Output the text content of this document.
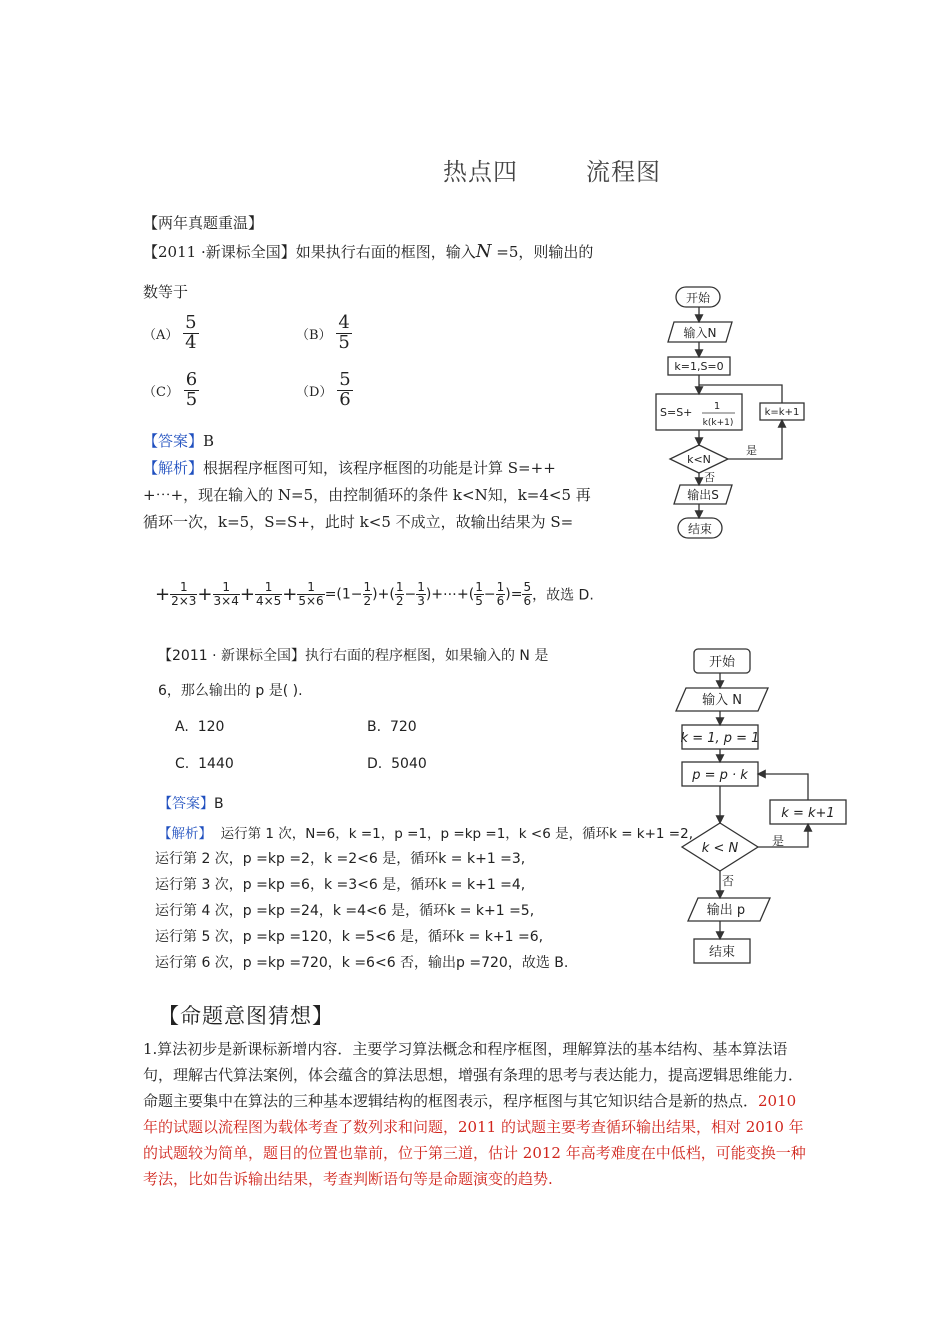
热点四	流程图
【两年真题重温】
【2011 ·新课标全国】如果执行右面的框图，输入N =5，则输出的
数等于
$(A) \frac{5}{4}$	$(B) \frac{4}{5}$
$(C) \frac{6}{5}$	$(D) \frac{5}{6}$
【答案】B
【解析】根据程序框图可知，该程序框图的功能是计算 S=++
+⋯+，现在输入的 N=5，由控制循环的条件 k<N知，k=4<5 再
循环一次，k=5，S=S+，此时 k<5 不成立，故输出结果为 S=
+ $\frac{1}{2\times 3} + \frac{1}{3\times 4} + \frac{1}{4\times 5} + \frac{1}{5\times 6} =(1- \frac{1}{2}$ )+( $\frac{1}{2} - \frac{1}{3}$ )+⋯+( $\frac{1}{5} - \frac{1}{6}$ )= $\frac{5}{6}$ ，故选 D.
开始
输入N
k=1,S=0
S=S+ 1
k(k+1)
k<N
k=k+1
是
否
输出S
结束
【2011 · 新课标全国】执行右面的程序框图，如果输入的 N 是
6，那么输出的 p 是( ).
A. 120	B. 720
C. 1440	D. 5040
【答案】B
【解析】 运行第 1 次，N=6，k =1，p =1，p =kp =1，k <6 是，循环k = k+1 =2,
运行第 2 次，p =kp =2，k =2<6 是，循环k = k+1 =3,
运行第 3 次，p =kp =6，k =3<6 是，循环k = k+1 =4,
运行第 4 次，p =kp =24，k =4<6 是，循环k = k+1 =5,
运行第 5 次，p =kp =120，k =5<6 是，循环k = k+1 =6,
运行第 6 次，p =kp =720，k =6<6 否，输出p =720，故选 B.
开始
输入 N
k = 1, p = 1
p = p · k
k = k+1
k < N	是
否
输出 p
结束
【命题意图猜想】
1.算法初步是新课标新增内容．主要学习算法概念和程序框图，理解算法的基本结构、基本算法语句，理解古代算法案例，体会蕴含的算法思想，增强有条理的思考与表达能力，提高逻辑思维能力．命题主要集中在算法的三种基本逻辑结构的框图表示，程序框图与其它知识结合是新的热点．2010 年的试题以流程图为载体考查了数列求和问题，2011 的试题主要考查循环输出结果，相对 2010 年的试题较为简单，题目的位置也靠前，位于第三道，估计 2012 年高考难度在中低档，可能变换一种考法，比如告诉输出结果，考查判断语句等是命题演变的趋势.
